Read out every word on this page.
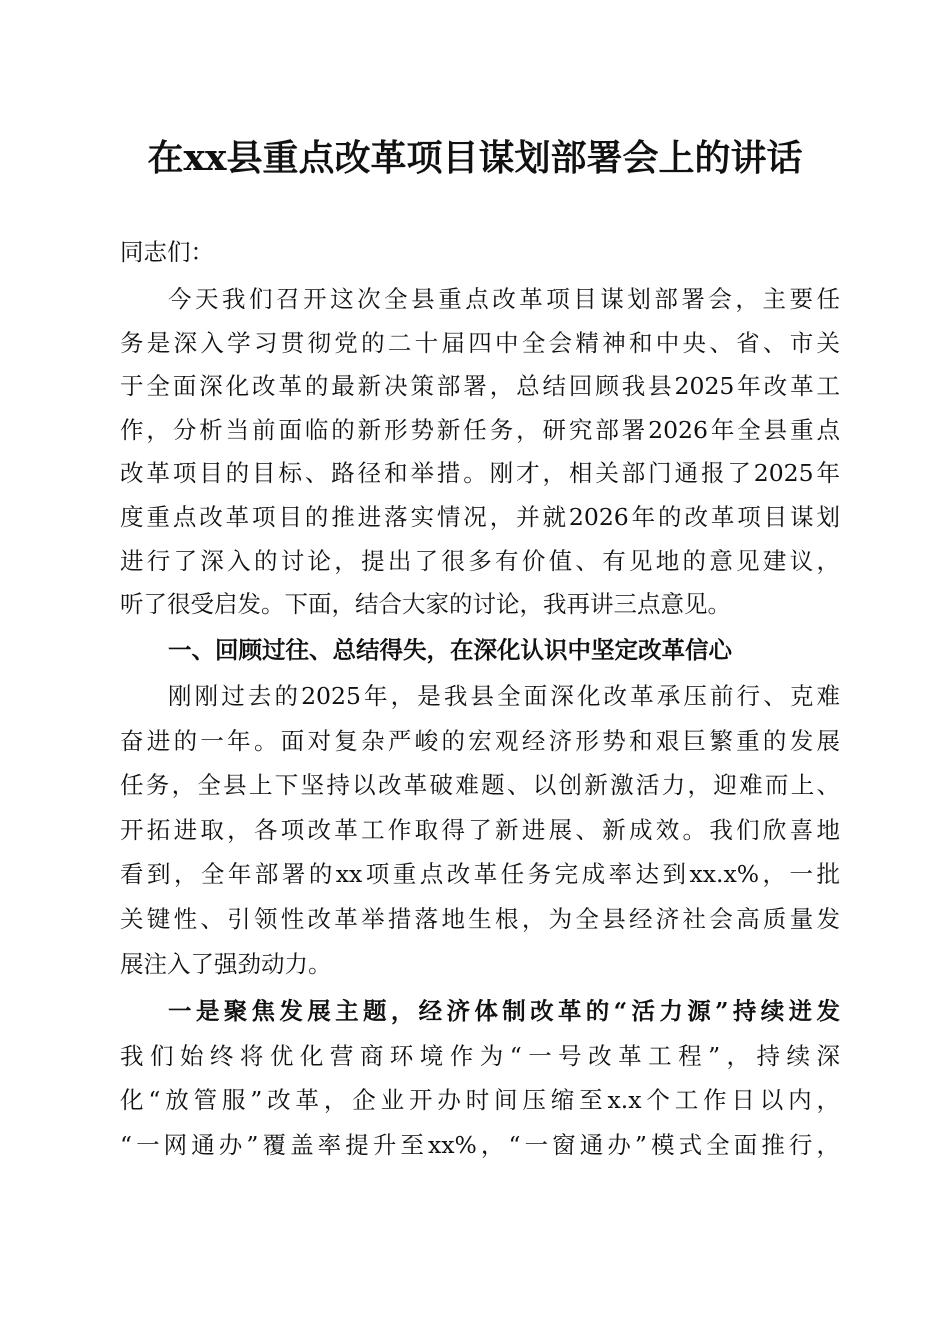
在xx县重点改革项目谋划部署会上的讲话
同志们：
今天我们召开这次全县重点改革项目谋划部署会，主要任
务是深入学习贯彻党的二十届四中全会精神和中央、省、市关
于全面深化改革的最新决策部署，总结回顾我县2025年改革工
作，分析当前面临的新形势新任务，研究部署2026年全县重点
改革项目的目标、路径和举措。刚才，相关部门通报了2025年
度重点改革项目的推进落实情况，并就2026年的改革项目谋划
进行了深入的讨论，提出了很多有价值、有见地的意见建议，
听了很受启发。下面，结合大家的讨论，我再讲三点意见。
一、回顾过往、总结得失，在深化认识中坚定改革信心
刚刚过去的2025年，是我县全面深化改革承压前行、克难
奋进的一年。面对复杂严峻的宏观经济形势和艰巨繁重的发展
任务，全县上下坚持以改革破难题、以创新激活力，迎难而上、
开拓进取，各项改革工作取得了新进展、新成效。我们欣喜地
看到，全年部署的xx项重点改革任务完成率达到xx.x%，一批
关键性、引领性改革举措落地生根，为全县经济社会高质量发
展注入了强劲动力。
一是聚焦发展主题，经济体制改革的“活力源”持续迸发
我们始终将优化营商环境作为“一号改革工程”，持续深
化“放管服”改革，企业开办时间压缩至x.x个工作日以内，
“一网通办”覆盖率提升至xx%，“一窗通办”模式全面推行，
